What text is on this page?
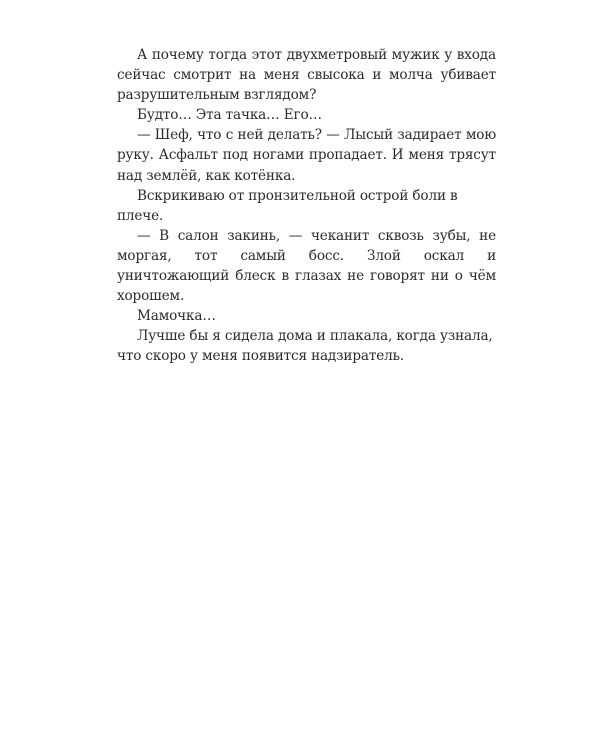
А почему тогда этот двухметровый мужик у входа сейчас смотрит на меня свысока и молча убивает разрушительным взглядом?

Будто… Эта тачка… Его…

— Шеф, что с ней делать? — Лысый задирает мою руку. Асфальт под ногами пропадает. И меня трясут над землёй, как котёнка.

Вскрикиваю от пронзительной острой боли в плече.

— В салон закинь, — чеканит сквозь зубы, не моргая, тот самый босс. Злой оскал и уничтожающий блеск в глазах не говорят ни о чём хорошем.

Мамочка…

Лучше бы я сидела дома и плакала, когда узнала, что скоро у меня появится надзиратель.
